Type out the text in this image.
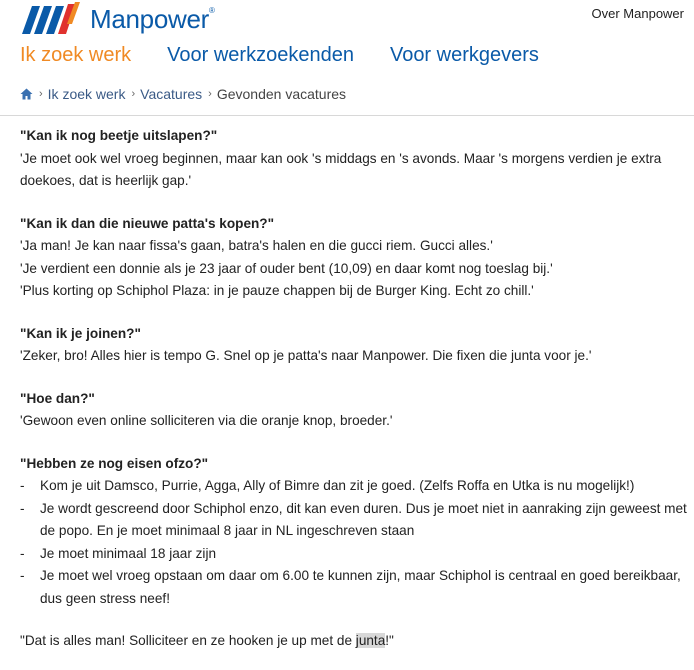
Manpower®	Over Manpower
Ik zoek werk Voor werkzoekenden Voor werkgevers
› Ik zoek werk › Vacatures › Gevonden vacatures
"Kan ik nog beetje uitslapen?"
'Je moet ook wel vroeg beginnen, maar kan ook 's middags en 's avonds. Maar 's morgens verdien je extra doekoes, dat is heerlijk gap.'
"Kan ik dan die nieuwe patta's kopen?"
'Ja man! Je kan naar fissa's gaan, batra's halen en die gucci riem. Gucci alles.'
'Je verdient een donnie als je 23 jaar of ouder bent (10,09) en daar komt nog toeslag bij.'
'Plus korting op Schiphol Plaza: in je pauze chappen bij de Burger King. Echt zo chill.'
"Kan ik je joinen?"
'Zeker, bro! Alles hier is tempo G. Snel op je patta's naar Manpower. Die fixen die junta voor je.'
"Hoe dan?"
'Gewoon even online solliciteren via die oranje knop, broeder.'
"Hebben ze nog eisen ofzo?"
-	Kom je uit Damsco, Purrie, Agga, Ally of Bimre dan zit je goed. (Zelfs Roffa en Utka is nu mogelijk!)
-	Je wordt gescreend door Schiphol enzo, dit kan even duren. Dus je moet niet in aanraking zijn geweest met de popo. En je moet minimaal 8 jaar in NL ingeschreven staan
-	Je moet minimaal 18 jaar zijn
-	Je moet wel vroeg opstaan om daar om 6.00 te kunnen zijn, maar Schiphol is centraal en goed bereikbaar, dus geen stress neef!
"Dat is alles man! Solliciteer en ze hooken je up met de junta!"
